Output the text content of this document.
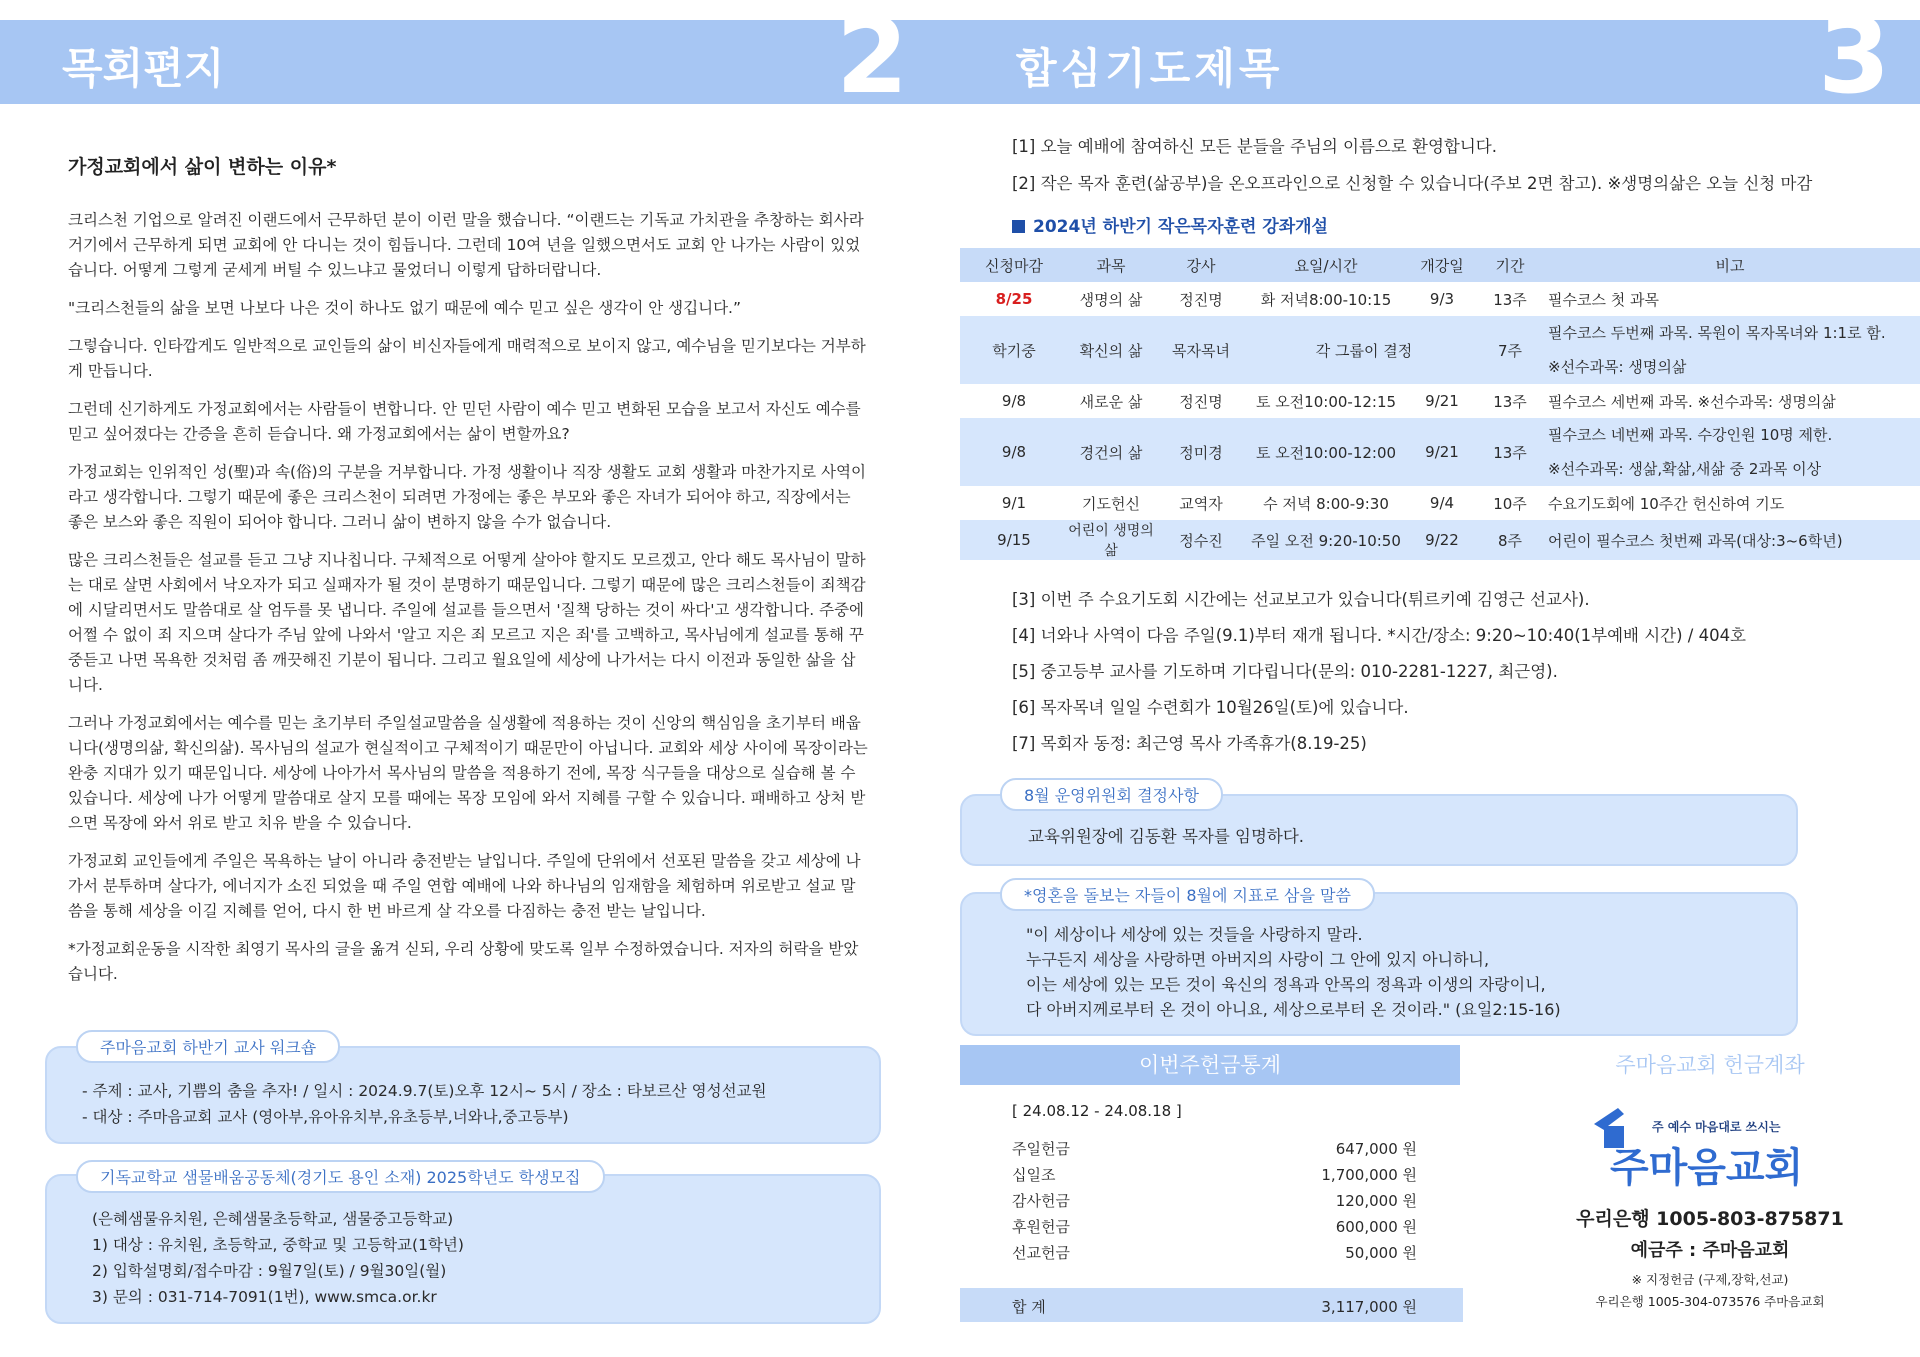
목회편지	2	합심기도제목	3
가정교회에서 삶이 변하는 이유*

크리스천 기업으로 알려진 이랜드에서 근무하던 분이 이런 말을 했습니다. “이랜드는 기독교 가치관을 추창하는 회사라 거기에서 근무하게 되면 교회에 안 다니는 것이 힘듭니다. 그런데 10여 년을 일했으면서도 교회 안 나가는 사람이 있었습니다. 어떻게 그렇게 굳세게 버틸 수 있느냐고 물었더니 이렇게 답하더랍니다.

"크리스천들의 삶을 보면 나보다 나은 것이 하나도 없기 때문에 예수 믿고 싶은 생각이 안 생깁니다.”

그렇습니다. 인타깝게도 일반적으로 교인들의 삶이 비신자들에게 매력적으로 보이지 않고, 예수님을 믿기보다는 거부하게 만듭니다.

그런데 신기하게도 가정교회에서는 사람들이 변합니다. 안 믿던 사람이 예수 믿고 변화된 모습을 보고서 자신도 예수를 믿고 싶어졌다는 간증을 흔히 듣습니다. 왜 가정교회에서는 삶이 변할까요?

가정교회는 인위적인 성(聖)과 속(俗)의 구분을 거부합니다. 가정 생활이나 직장 생활도 교회 생활과 마찬가지로 사역이라고 생각합니다. 그렇기 때문에 좋은 크리스천이 되려면 가정에는 좋은 부모와 좋은 자녀가 되어야 하고, 직장에서는 좋은 보스와 좋은 직원이 되어야 합니다. 그러니 삶이 변하지 않을 수가 없습니다.

많은 크리스천들은 설교를 듣고 그냥 지나칩니다. 구체적으로 어떻게 살아야 할지도 모르겠고, 안다 해도 목사님이 말하는 대로 살면 사회에서 낙오자가 되고 실패자가 될 것이 분명하기 때문입니다. 그렇기 때문에 많은 크리스천들이 죄책감에 시달리면서도 말씀대로 살 엄두를 못 냅니다. 주일에 설교를 들으면서 '질책 당하는 것이 싸다'고 생각합니다. 주중에 어쩔 수 없이 죄 지으며 살다가 주님 앞에 나와서 '알고 지은 죄 모르고 지은 죄'를 고백하고, 목사님에게 설교를 통해 꾸중듣고 나면 목욕한 것처럼 좀 깨끗해진 기분이 됩니다. 그리고 월요일에 세상에 나가서는 다시 이전과 동일한 삶을 삽니다.

그러나 가정교회에서는 예수를 믿는 초기부터 주일설교말씀을 실생활에 적용하는 것이 신앙의 핵심임을 초기부터 배웁니다(생명의삶, 확신의삶). 목사님의 설교가 현실적이고 구체적이기 때문만이 아닙니다. 교회와 세상 사이에 목장이라는 완충 지대가 있기 때문입니다. 세상에 나아가서 목사님의 말씀을 적용하기 전에, 목장 식구들을 대상으로 실습해 볼 수 있습니다. 세상에 나가 어떻게 말씀대로 살지 모를 때에는 목장 모임에 와서 지혜를 구할 수 있습니다. 패배하고 상처 받으면 목장에 와서 위로 받고 치유 받을 수 있습니다.

가정교회 교인들에게 주일은 목욕하는 날이 아니라 충전받는 날입니다. 주일에 단위에서 선포된 말씀을 갖고 세상에 나가서 분투하며 살다가, 에너지가 소진 되었을 때 주일 연합 예배에 나와 하나님의 임재함을 체험하며 위로받고 설교 말씀을 통해 세상을 이길 지혜를 얻어, 다시 한 번 바르게 살 각오를 다짐하는 충전 받는 날입니다.

*가정교회운동을 시작한 최영기 목사의 글을 옮겨 싣되, 우리 상황에 맞도록 일부 수정하였습니다. 저자의 허락을 받았습니다.

주마음교회 하반기 교사 워크숍
- 주제 : 교사, 기쁨의 춤을 추자! / 일시 : 2024.9.7(토)오후 12시~ 5시 / 장소 : 타보르산 영성선교원
- 대상 : 주마음교회 교사 (영아부,유아유치부,유초등부,너와나,중고등부)
기독교학교 샘물배움공동체(경기도 용인 소재) 2025학년도 학생모집
(은혜샘물유치원, 은혜샘물초등학교, 샘물중고등학교)
1) 대상 : 유치원, 초등학교, 중학교 및 고등학교(1학년)
2) 입학설명회/접수마감 : 9월7일(토) / 9월30일(월)
3) 문의 : 031-714-7091(1번), www.smca.or.kr
[1] 오늘 예배에 참여하신 모든 분들을 주님의 이름으로 환영합니다.
[2] 작은 목자 훈련(삶공부)을 온오프라인으로 신청할 수 있습니다(주보 2면 참고). ※생명의삶은 오늘 신청 마감
2024년 하반기 작은목자훈련 강좌개설
신청마감	과목	강사	요일/시간	개강일	기간	비고
8/25	생명의 삶	정진명	화 저녁8:00-10:15	9/3	13주	필수코스 첫 과목
학기중	확신의 삶	목자목녀	각 그룹이 결정		7주	필수코스 두번째 과목. 목원이 목자목녀와 1:1로 함.
※선수과목: 생명의삶

9/8	새로운 삶	정진명	토 오전10:00-12:15	9/21	13주	필수코스 세번째 과목. ※선수과목: 생명의삶
9/8	경건의 삶	정미경	토 오전10:00-12:00	9/21	13주	필수코스 네번째 과목. 수강인원 10명 제한.
※선수과목: 생삶,확삶,새삶 중 2과목 이상

9/1	기도헌신	교역자	수 저녁 8:00-9:30	9/4	10주	수요기도회에 10주간 헌신하여 기도
9/15	어린이 생명의삶	정수진	주일 오전 9:20-10:50	9/22	8주	어린이 필수코스 첫번째 과목(대상:3~6학년)
[3] 이번 주 수요기도회 시간에는 선교보고가 있습니다(튀르키예 김영근 선교사).
[4] 너와나 사역이 다음 주일(9.1)부터 재개 됩니다. *시간/장소: 9:20~10:40(1부예배 시간) / 404호
[5] 중고등부 교사를 기도하며 기다립니다(문의: 010-2281-1227, 최근영).
[6] 목자목녀 일일 수련회가 10월26일(토)에 있습니다.
[7] 목회자 동정: 최근영 목사 가족휴가(8.19-25)
8월 운영위원회 결정사항
교육위원장에 김동환 목자를 임명하다.
*영혼을 돌보는 자들이 8월에 지표로 삼을 말씀
"이 세상이나 세상에 있는 것들을 사랑하지 말라.
누구든지 세상을 사랑하면 아버지의 사랑이 그 안에 있지 아니하니,
이는 세상에 있는 모든 것이 육신의 정욕과 안목의 정욕과 이생의 자랑이니,
다 아버지께로부터 온 것이 아니요, 세상으로부터 온 것이라." (요일2:15-16)
이번주헌금통계	주마음교회 헌금계좌
[ 24.08.12 - 24.08.18 ]
주일헌금	647,000 원
십일조	1,700,000 원
감사헌금	120,000 원
후원헌금	600,000 원
선교헌금	50,000 원
합 계	3,117,000 원
주 예수 마음대로 쓰시는
주마음교회
우리은행 1005-803-875871
예금주 : 주마음교회
※ 지정헌금 (구제,장학,선교)
우리은행 1005-304-073576 주마음교회
